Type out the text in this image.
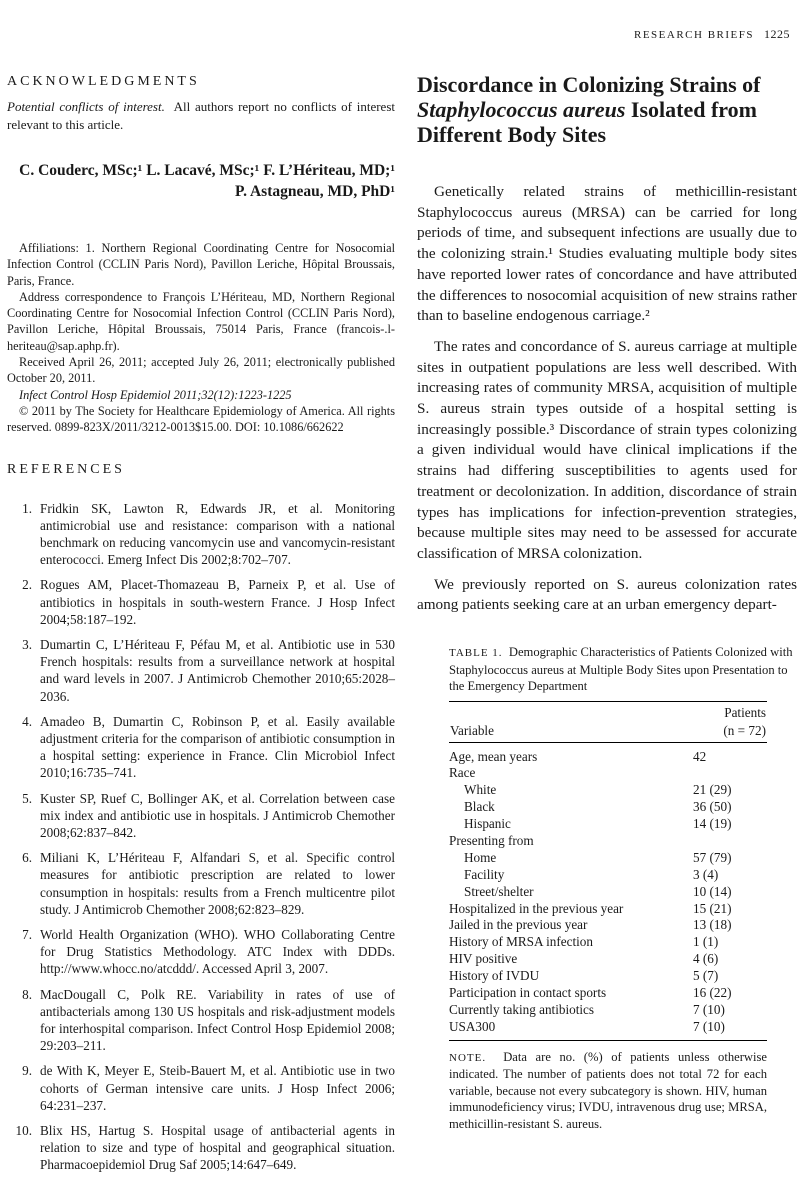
RESEARCH BRIEFS 1225
ACKNOWLEDGMENTS
Potential conflicts of interest. All authors report no conflicts of interest relevant to this article.
C. Couderc, MSc;¹ L. Lacavé, MSc;¹ F. L’Hériteau, MD;¹
P. Astagneau, MD, PhD¹

Affiliations: 1. Northern Regional Coordinating Centre for Nosocomial Infection Control (CCLIN Paris Nord), Pavillon Leriche, Hôpital Broussais, Paris, France.

Address correspondence to François L’Hériteau, MD, Northern Regional Coordinating Centre for Nosocomial Infection Control (CCLIN Paris Nord), Pavillon Leriche, Hôpital Broussais, 75014 Paris, France (francois-.l-heriteau@sap.aphp.fr).

Received April 26, 2011; accepted July 26, 2011; electronically published October 20, 2011.

Infect Control Hosp Epidemiol 2011;32(12):1223-1225

© 2011 by The Society for Healthcare Epidemiology of America. All rights reserved. 0899-823X/2011/3212-0013$15.00. DOI: 10.1086/662622

REFERENCES
1. Fridkin SK, Lawton R, Edwards JR, et al. Monitoring antimicrobial use and resistance: comparison with a national benchmark on reducing vancomycin use and vancomycin-resistant enterococci. Emerg Infect Dis 2002;8:702–707.
2. Rogues AM, Placet-Thomazeau B, Parneix P, et al. Use of antibiotics in hospitals in south-western France. J Hosp Infect 2004;58:187–192.
3. Dumartin C, L’Hériteau F, Péfau M, et al. Antibiotic use in 530 French hospitals: results from a surveillance network at hospital and ward levels in 2007. J Antimicrob Chemother 2010;65:2028–2036.
4. Amadeo B, Dumartin C, Robinson P, et al. Easily available adjustment criteria for the comparison of antibiotic consumption in a hospital setting: experience in France. Clin Microbiol Infect 2010;16:735–741.
5. Kuster SP, Ruef C, Bollinger AK, et al. Correlation between case mix index and antibiotic use in hospitals. J Antimicrob Chemother 2008;62:837–842.
6. Miliani K, L’Hériteau F, Alfandari S, et al. Specific control measures for antibiotic prescription are related to lower consumption in hospitals: results from a French multicentre pilot study. J Antimicrob Chemother 2008;62:823–829.
7. World Health Organization (WHO). WHO Collaborating Centre for Drug Statistics Methodology. ATC Index with DDDs. http://www.whocc.no/atcddd/. Accessed April 3, 2007.
8. MacDougall C, Polk RE. Variability in rates of use of antibacterials among 130 US hospitals and risk-adjustment models for interhospital comparison. Infect Control Hosp Epidemiol 2008; 29:203–211.
9. de With K, Meyer E, Steib-Bauert M, et al. Antibiotic use in two cohorts of German intensive care units. J Hosp Infect 2006; 64:231–237.
10. Blix HS, Hartug S. Hospital usage of antibacterial agents in relation to size and type of hospital and geographical situation. Pharmacoepidemiol Drug Saf 2005;14:647–649.
Discordance in Colonizing Strains of
Staphylococcus aureus Isolated from
Different Body Sites

Genetically related strains of methicillin-resistant Staphylococcus aureus (MRSA) can be carried for long periods of time, and subsequent infections are usually due to the colonizing strain.¹ Studies evaluating multiple body sites have reported lower rates of concordance and have attributed the differences to nosocomial acquisition of new strains rather than to baseline endogenous carriage.²

The rates and concordance of S. aureus carriage at multiple sites in outpatient populations are less well described. With increasing rates of community MRSA, acquisition of multiple S. aureus strain types outside of a hospital setting is increasingly possible.³ Discordance of strain types colonizing a given individual would have clinical implications if the strains had differing susceptibilities to agents used for treatment or decolonization. In addition, discordance of strain types has implications for infection-prevention strategies, because multiple sites may need to be assessed for accurate classification of MRSA colonization.

We previously reported on S. aureus colonization rates among patients seeking care at an urban emergency depart-

TABLE 1. Demographic Characteristics of Patients Colonized with Staphylococcus aureus at Multiple Body Sites upon Presentation to the Emergency Department
	Patients
Variable	(n = 72)
Age, mean years	42
Race	
White	21 (29)
Black	36 (50)
Hispanic	14 (19)
Presenting from	
Home	57 (79)
Facility	3 (4)
Street/shelter	10 (14)
Hospitalized in the previous year	15 (21)
Jailed in the previous year	13 (18)
History of MRSA infection	1 (1)
HIV positive	4 (6)
History of IVDU	5 (7)
Participation in contact sports	16 (22)
Currently taking antibiotics	7 (10)
USA300	7 (10)
NOTE. Data are no. (%) of patients unless otherwise indicated. The number of patients does not total 72 for each variable, because not every subcategory is shown. HIV, human immunodeficiency virus; IVDU, intravenous drug use; MRSA, methicillin-resistant S. aureus.
